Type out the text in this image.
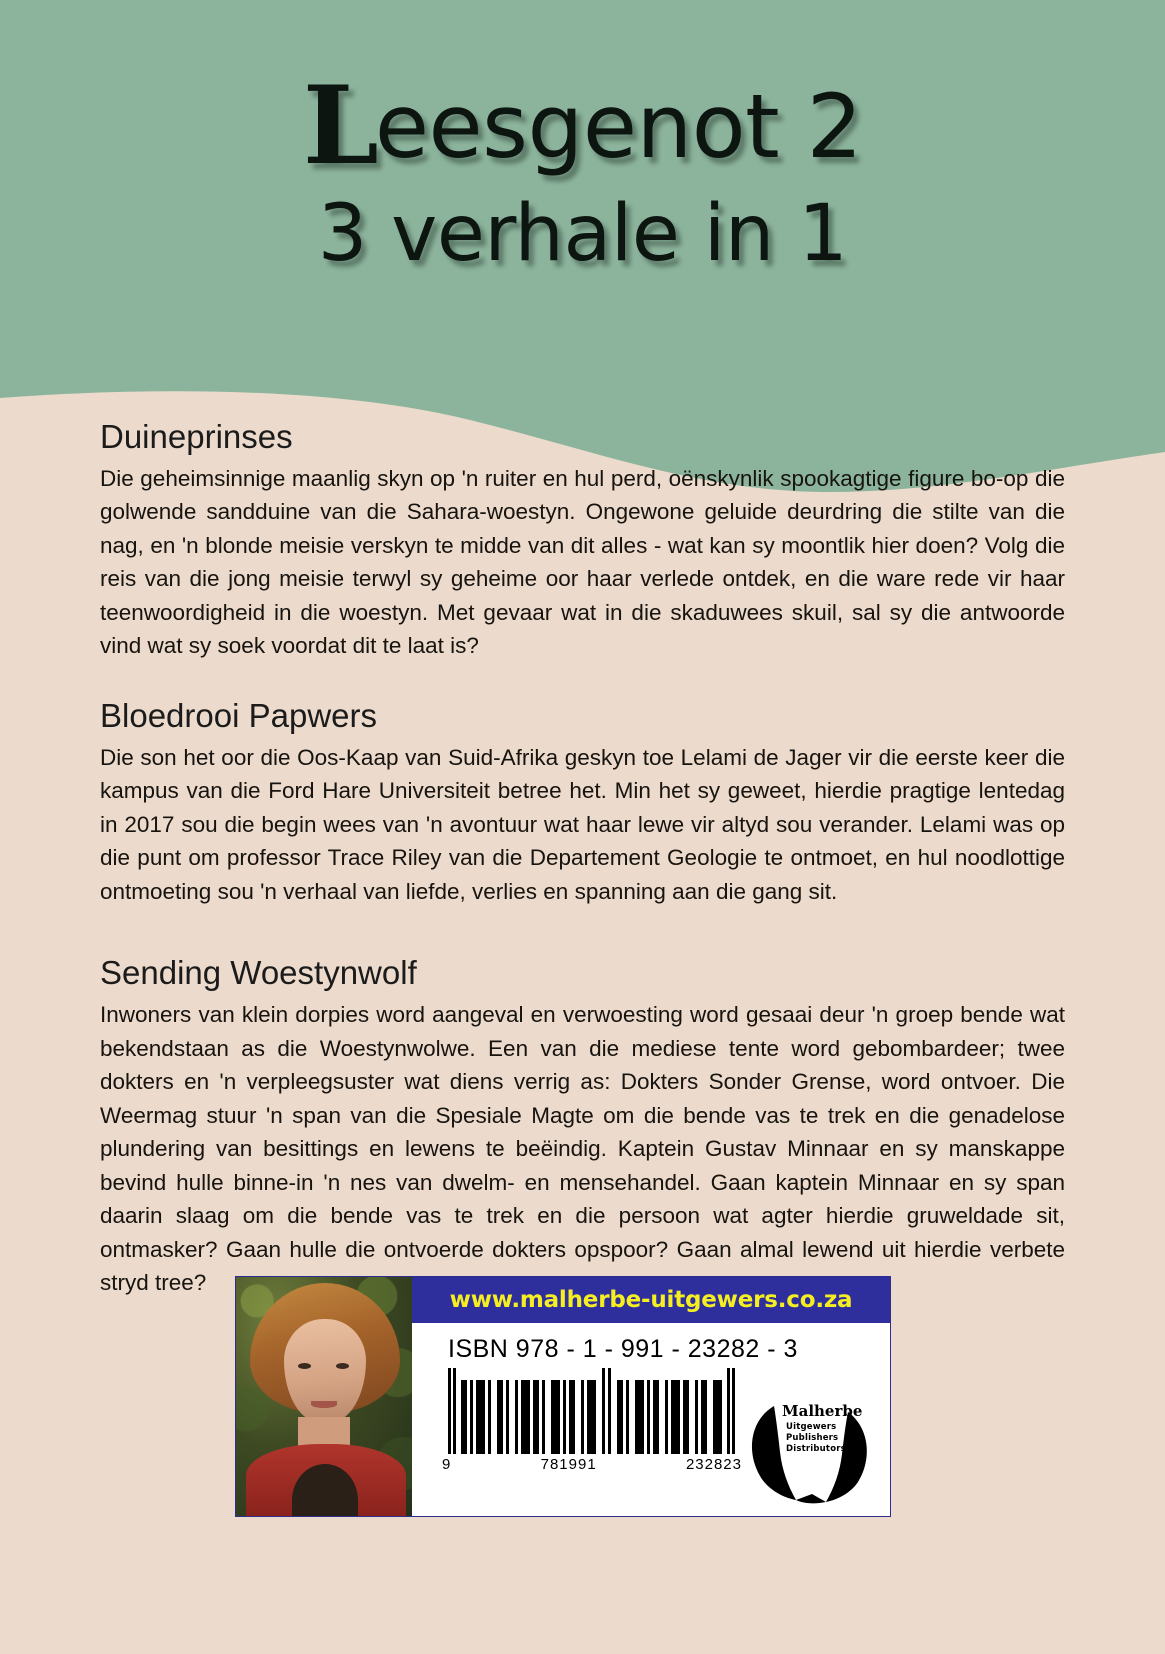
Leesgenot 2
3 verhale in 1
Duineprinses

Die geheimsinnige maanlig skyn op 'n ruiter en hul perd, oënskynlik spookagtige figure bo-op die golwende sandduine van die Sahara-woestyn. Ongewone geluide deurdring die stilte van die nag, en 'n blonde meisie verskyn te midde van dit alles - wat kan sy moontlik hier doen? Volg die reis van die jong meisie terwyl sy geheime oor haar verlede ontdek, en die ware rede vir haar teenwoordigheid in die woestyn. Met gevaar wat in die skaduwees skuil, sal sy die antwoorde vind wat sy soek voordat dit te laat is?

Bloedrooi Papwers

Die son het oor die Oos-Kaap van Suid-Afrika geskyn toe Lelami de Jager vir die eerste keer die kampus van die Ford Hare Universiteit betree het. Min het sy geweet, hierdie pragtige lentedag in 2017 sou die begin wees van 'n avontuur wat haar lewe vir altyd sou verander. Lelami was op die punt om professor Trace Riley van die Departement Geologie te ontmoet, en hul noodlottige ontmoeting sou 'n verhaal van liefde, verlies en spanning aan die gang sit.

Sending Woestynwolf

Inwoners van klein dorpies word aangeval en verwoesting word gesaai deur 'n groep bende wat bekendstaan as die Woestynwolwe. Een van die mediese tente word gebombardeer; twee dokters en 'n verpleegsuster wat diens verrig as: Dokters Sonder Grense, word ontvoer. Die Weermag stuur 'n span van die Spesiale Magte om die bende vas te trek en die genadelose plundering van besittings en lewens te beëindig. Kaptein Gustav Minnaar en sy manskappe bevind hulle binne-in 'n nes van dwelm- en mensehandel. Gaan kaptein Minnaar en sy span daarin slaag om die bende vas te trek en die persoon wat agter hierdie gruweldade sit, ontmasker? Gaan hulle die ontvoerde dokters opspoor? Gaan almal lewend uit hierdie verbete stryd tree?

www.malherbe-uitgewers.co.za
ISBN 978 - 1 - 991 - 23282 - 3
9	781991	232823
Malherbe
Uitgewers
Publishers
Distributors
